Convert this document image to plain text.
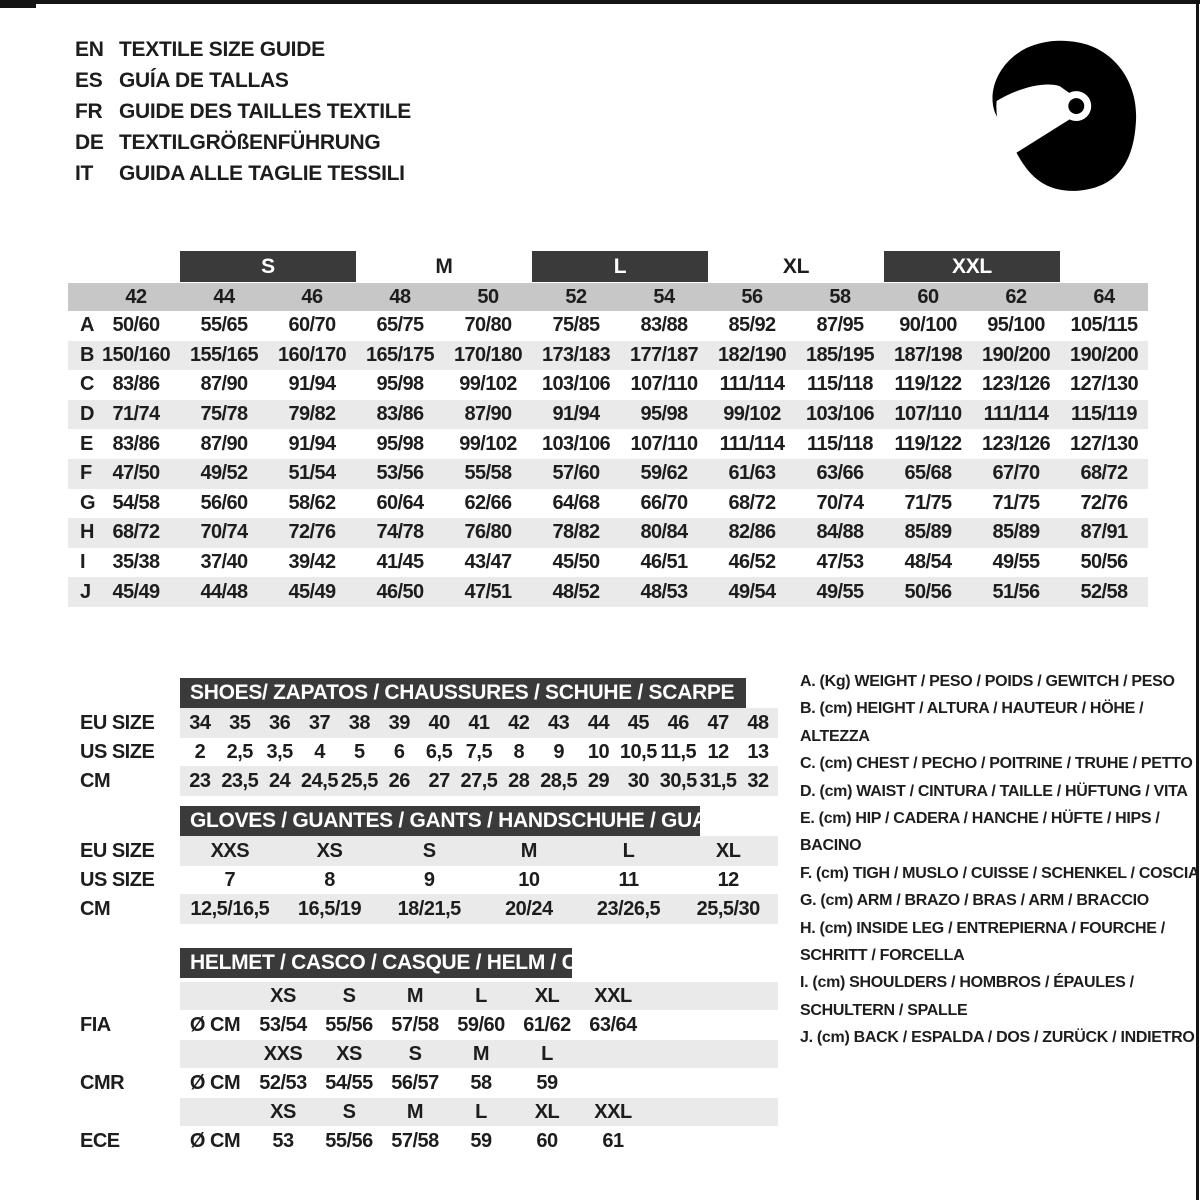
EN TEXTILE SIZE GUIDE
ES GUÍA DE TALLAS
FR GUIDE DES TAILLES TEXTILE
DE TEXTILGRÖßENFÜHRUNG
IT	GUIDA ALLE TAGLIE TESSILI
S	M	L	XL	XXL
42	44	46	48	50	52	54	56	58	60	62	64
A 50/60	55/65	60/70	65/75	70/80	75/85	83/88	85/92	87/95	90/100	95/100	105/115
B 150/160 155/165 160/170 165/175 170/180 173/183 177/187 182/190 185/195 187/198 190/200 190/200
C 83/86	87/90	91/94	95/98	99/102	103/106	107/110	111/114	115/118	119/122	123/126 127/130
D 71/74	75/78	79/82	83/86	87/90	91/94	95/98	99/102	103/106	107/110	111/114	115/119
E 83/86	87/90	91/94	95/98	99/102	103/106	107/110	111/114	115/118	119/122	123/126 127/130
F	47/50	49/52	51/54	53/56	55/58	57/60	59/62	61/63	63/66	65/68	67/70	68/72
G 54/58	56/60	58/62	60/64	62/66	64/68	66/70	68/72	70/74	71/75	71/75	72/76
H 68/72	70/74	72/76	74/78	76/80	78/82	80/84	82/86	84/88	85/89	85/89	87/91
I	35/38	37/40	39/42	41/45	43/47	45/50	46/51	46/52	47/53	48/54	49/55	50/56
J	45/49	44/48	45/49	46/50	47/51	48/52	48/53	49/54	49/55	50/56	51/56	52/58
SHOES/ ZAPATOS / CHAUSSURES / SCHUHE / SCARPE
EU SIZE	34 35 36 37 38 39 40 41 42 43 44 45 46 47 48
US SIZE	2	2,5 3,5	4	5	6	6,5 7,5	8	9	10 10,5 11,5 12 13
CM	23 23,5 24 24,5 25,5 26 27 27,5 28 28,5 29 30 30,5 31,5 32
GLOVES / GUANTES / GANTS / HANDSCHUHE / GUANTI
EU SIZE	XXS	XS	S	M	L	XL
US SIZE	7	8	9	10	11	12
CM	12,5/16,5	16,5/19	18/21,5	20/24	23/26,5	25,5/30
HELMET / CASCO / CASQUE / HELM / CASCO
XS	S	M	L	XL	XXL
FIA	Ø CM 53/54 55/56 57/58 59/60 61/62 63/64
XXS	XS	S	M	L
CMR	Ø CM 52/53 54/55 56/57	58	59
XS	S	M	L	XL	XXL
ECE	Ø CM	53	55/56 57/58	59	60	61
A. (Kg) WEIGHT / PESO / POIDS / GEWITCH / PESO
B. (cm) HEIGHT / ALTURA / HAUTEUR / HÖHE / ALTEZZA
C. (cm) CHEST / PECHO / POITRINE / TRUHE / PETTO
D. (cm) WAIST / CINTURA / TAILLE / HÜFTUNG / VITA
E. (cm) HIP / CADERA / HANCHE / HÜFTE / HIPS / BACINO
F. (cm) TIGH / MUSLO / CUISSE / SCHENKEL / COSCIA
G. (cm) ARM / BRAZO / BRAS / ARM / BRACCIO
H. (cm) INSIDE LEG / ENTREPIERNA / FOURCHE / SCHRITT / FORCELLA
I. (cm) SHOULDERS / HOMBROS / ÉPAULES / SCHULTERN / SPALLE
J. (cm) BACK / ESPALDA / DOS / ZURÜCK / INDIETRO
